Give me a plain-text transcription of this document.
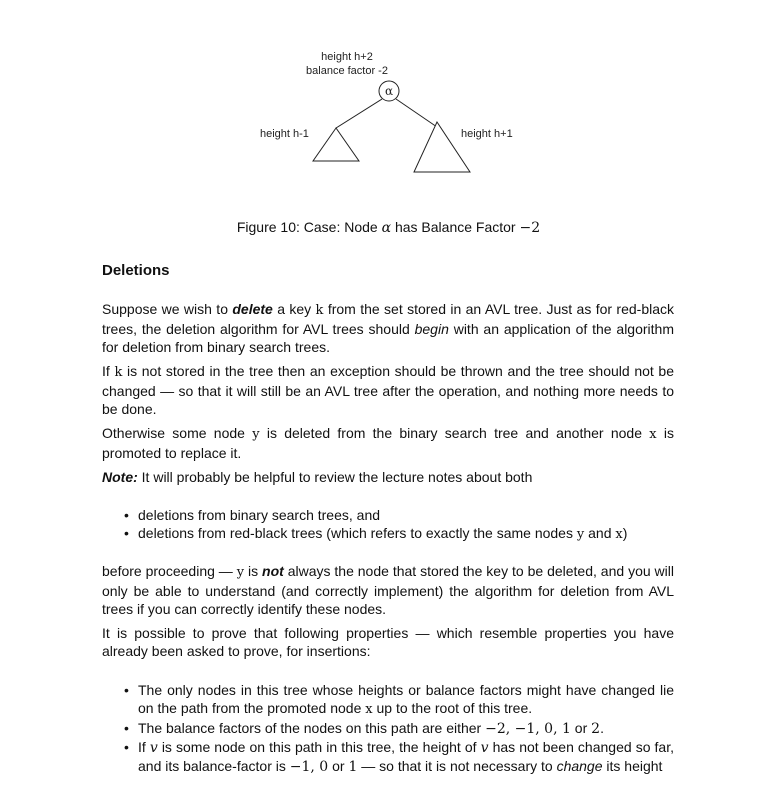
height h+2
balance factor -2
α
height h-1	height h+1
Figure 10: Case: Node α has Balance Factor −2
Deletions

Suppose we wish to delete a key k from the set stored in an AVL tree. Just as for red-black trees, the deletion algorithm for AVL trees should begin with an application of the algorithm for deletion from binary search trees.

If k is not stored in the tree then an exception should be thrown and the tree should not be changed — so that it will still be an AVL tree after the operation, and nothing more needs to be done.

Otherwise some node y is deleted from the binary search tree and another node x is promoted to replace it.

Note: It will probably be helpful to review the lecture notes about both

• deletions from binary search trees, and
• deletions from red-black trees (which refers to exactly the same nodes y and x)

before proceeding — y is not always the node that stored the key to be deleted, and you will only be able to understand (and correctly implement) the algorithm for deletion from AVL trees if you can correctly identify these nodes.

It is possible to prove that following properties — which resemble properties you have already been asked to prove, for insertions:

• The only nodes in this tree whose heights or balance factors might have changed lie on the path from the promoted node x up to the root of this tree.
• The balance factors of the nodes on this path are either −2, −1, 0, 1 or 2.
• If v is some node on this path in this tree, the height of v has not been changed so far, and its balance-factor is −1, 0 or 1 — so that it is not necessary to change its height
